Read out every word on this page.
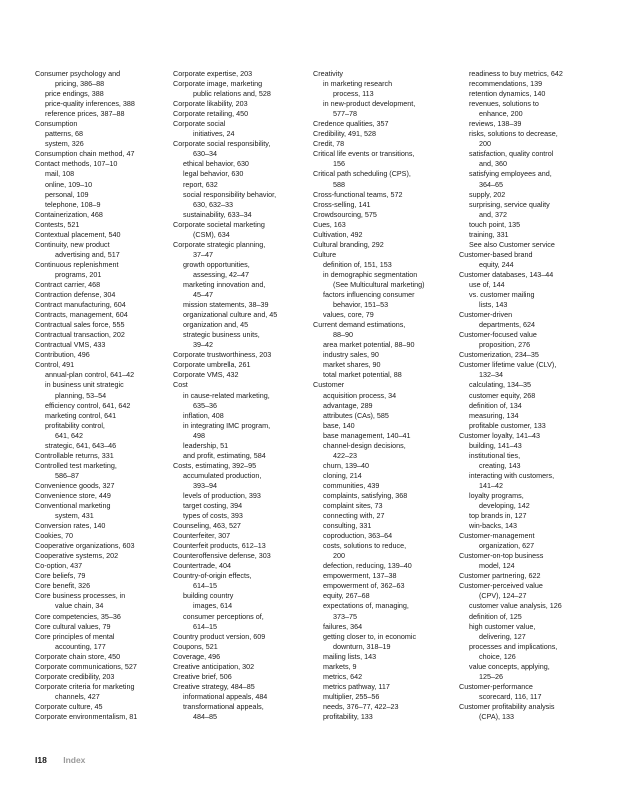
Consumer psychology and
pricing, 386–88
price endings, 388
price-quality inferences, 388
reference prices, 387–88
Consumption
patterns, 68
system, 326
Consumption chain method, 47
Contact methods, 107–10
mail, 108
online, 109–10
personal, 109
telephone, 108–9
Containerization, 468
Contests, 521
Contextual placement, 540
Continuity, new product
advertising and, 517
Continuous replenishment
programs, 201
Contract carrier, 468
Contraction defense, 304
Contract manufacturing, 604
Contracts, management, 604
Contractual sales force, 555
Contractual transaction, 202
Contractual VMS, 433
Contribution, 496
Control, 491
annual-plan control, 641–42
in business unit strategic
planning, 53–54
efficiency control, 641, 642
marketing control, 641
profitability control,
641, 642
strategic, 641, 643–46
Controllable returns, 331
Controlled test marketing,
586–87
Convenience goods, 327
Convenience store, 449
Conventional marketing
system, 431
Conversion rates, 140
Cookies, 70
Cooperative organizations, 603
Cooperative systems, 202
Co-option, 437
Core beliefs, 79
Core benefit, 326
Core business processes, in
value chain, 34
Core competencies, 35–36
Core cultural values, 79
Core principles of mental
accounting, 177
Corporate chain store, 450
Corporate communications, 527
Corporate credibility, 203
Corporate criteria for marketing
channels, 427
Corporate culture, 45
Corporate environmentalism, 81
Corporate expertise, 203
Corporate image, marketing
public relations and, 528
Corporate likability, 203
Corporate retailing, 450
Corporate social
initiatives, 24
Corporate social responsibility,
630–34
ethical behavior, 630
legal behavior, 630
report, 632
social responsibility behavior,
630, 632–33
sustainability, 633–34
Corporate societal marketing
(CSM), 634
Corporate strategic planning,
37–47
growth opportunities,
assessing, 42–47
marketing innovation and,
45–47
mission statements, 38–39
organizational culture and, 45
organization and, 45
strategic business units,
39–42
Corporate trustworthiness, 203
Corporate umbrella, 261
Corporate VMS, 432
Cost
in cause-related marketing,
635–36
inflation, 408
in integrating IMC program,
498
leadership, 51
and profit, estimating, 584
Costs, estimating, 392–95
accumulated production,
393–94
levels of production, 393
target costing, 394
types of costs, 393
Counseling, 463, 527
Counterfeiter, 307
Counterfeit products, 612–13
Counteroffensive defense, 303
Countertrade, 404
Country-of-origin effects,
614–15
building country
images, 614
consumer perceptions of,
614–15
Country product version, 609
Coupons, 521
Coverage, 496
Creative anticipation, 302
Creative brief, 506
Creative strategy, 484–85
informational appeals, 484
transformational appeals,
484–85
Creativity
in marketing research
process, 113
in new-product development,
577–78
Credence qualities, 357
Credibility, 491, 528
Credit, 78
Critical life events or transitions,
156
Critical path scheduling (CPS),
588
Cross-functional teams, 572
Cross-selling, 141
Crowdsourcing, 575
Cues, 163
Cultivation, 492
Cultural branding, 292
Culture
definition of, 151, 153
in demographic segmentation
(See Multicultural marketing)
factors influencing consumer
behavior, 151–53
values, core, 79
Current demand estimations,
88–90
area market potential, 88–90
industry sales, 90
market shares, 90
total market potential, 88
Customer
acquisition process, 34
advantage, 289
attributes (CAs), 585
base, 140
base management, 140–41
channel-design decisions,
422–23
churn, 139–40
cloning, 214
communities, 439
complaints, satisfying, 368
complaint sites, 73
connecting with, 27
consulting, 331
coproduction, 363–64
costs, solutions to reduce,
200
defection, reducing, 139–40
empowerment, 137–38
empowerment of, 362–63
equity, 267–68
expectations of, managing,
373–75
failures, 364
getting closer to, in economic
downturn, 318–19
mailing lists, 143
markets, 9
metrics, 642
metrics pathway, 117
multiplier, 255–56
needs, 376–77, 422–23
profitability, 133
readiness to buy metrics, 642
recommendations, 139
retention dynamics, 140
revenues, solutions to
enhance, 200
reviews, 138–39
risks, solutions to decrease,
200
satisfaction, quality control
and, 360
satisfying employees and,
364–65
supply, 202
surprising, service quality
and, 372
touch point, 135
training, 331
See also Customer service
Customer-based brand
equity, 244
Customer databases, 143–44
use of, 144
vs. customer mailing
lists, 143
Customer-driven
departments, 624
Customer-focused value
proposition, 276
Customerization, 234–35
Customer lifetime value (CLV),
132–34
calculating, 134–35
customer equity, 268
definition of, 134
measuring, 134
profitable customer, 133
Customer loyalty, 141–43
building, 141–43
institutional ties,
creating, 143
interacting with customers,
141–42
loyalty programs,
developing, 142
top brands in, 127
win-backs, 143
Customer-management
organization, 627
Customer-on-top business
model, 124
Customer partnering, 622
Customer-perceived value
(CPV), 124–27
customer value analysis, 126
definition of, 125
high customer value,
delivering, 127
processes and implications,
choice, 126
value concepts, applying,
125–26
Customer-performance
scorecard, 116, 117
Customer profitability analysis
(CPA), 133
I18 Index
